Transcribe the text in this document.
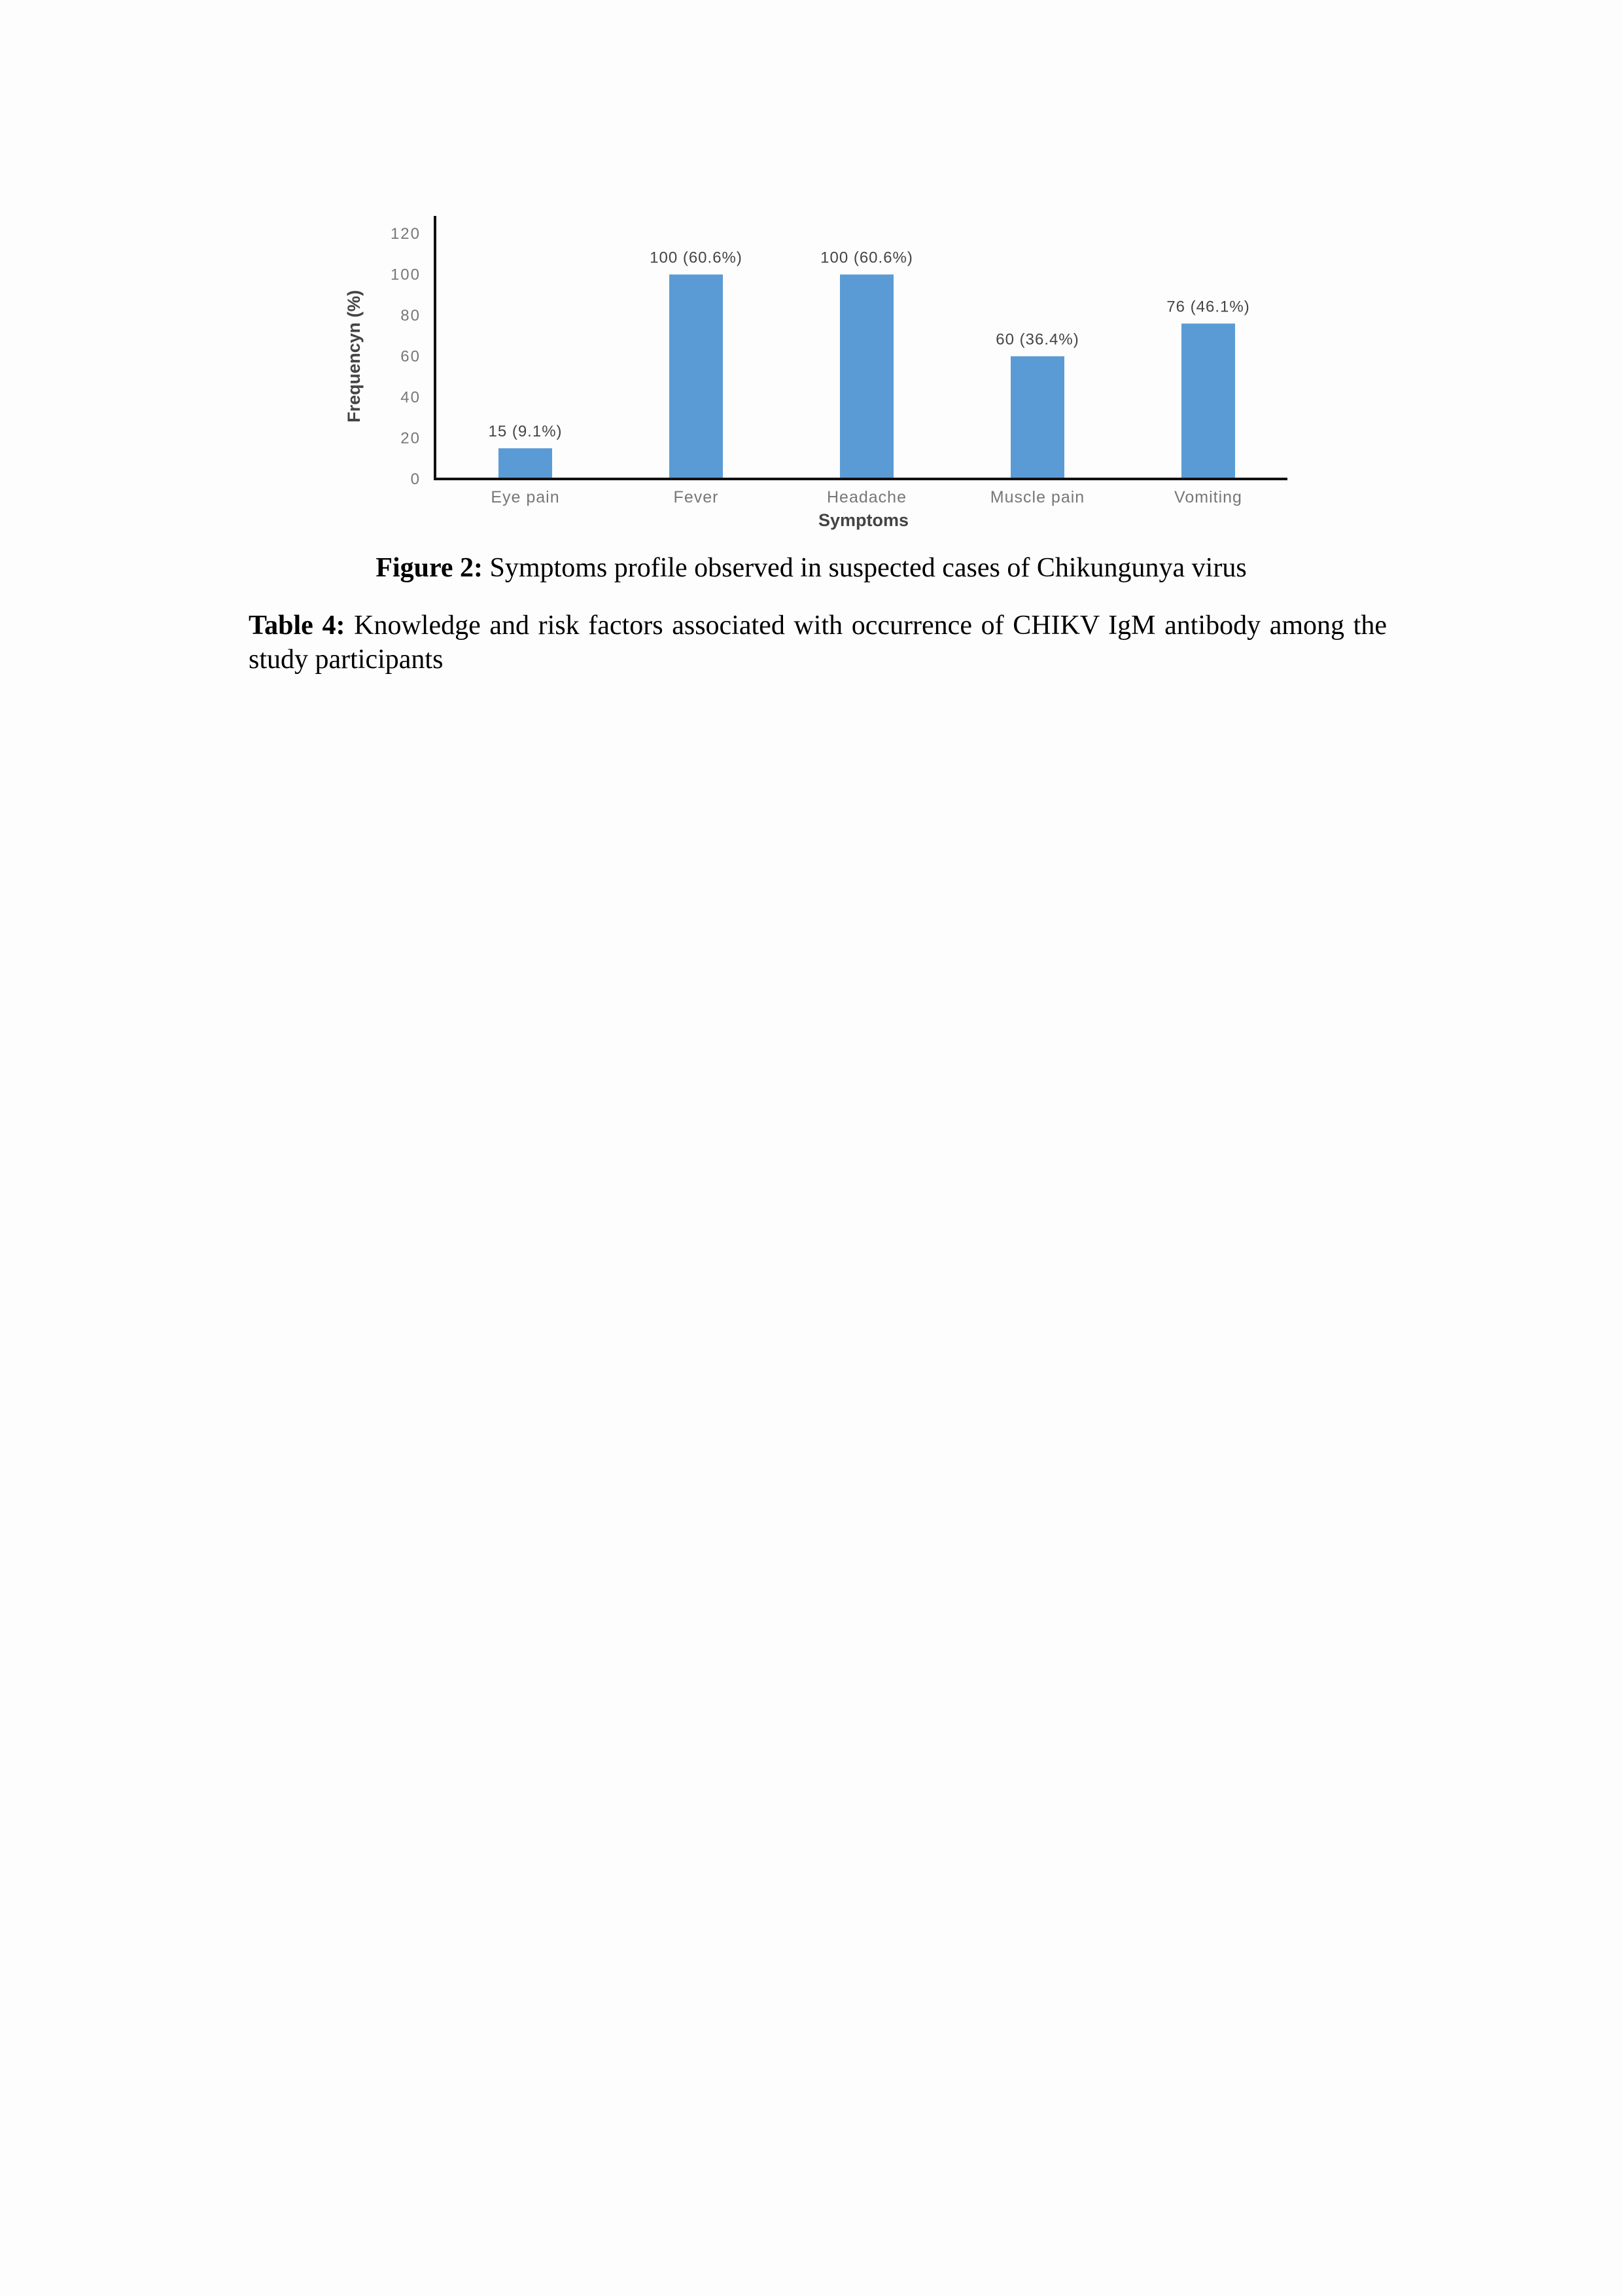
0
20
40
60
80
100
120
15 (9.1%)
100 (60.6%)	100 (60.6%)
60 (36.4%)
76 (46.1%)
Eye pain	Fever	Headache	Muscle pain	Vomiting
Frequencyn (%)
Symptoms
Figure 2: Symptoms profile observed in suspected cases of Chikungunya virus
Table 4: Knowledge and risk factors associated with occurrence of CHIKV IgM antibody among the study participants
